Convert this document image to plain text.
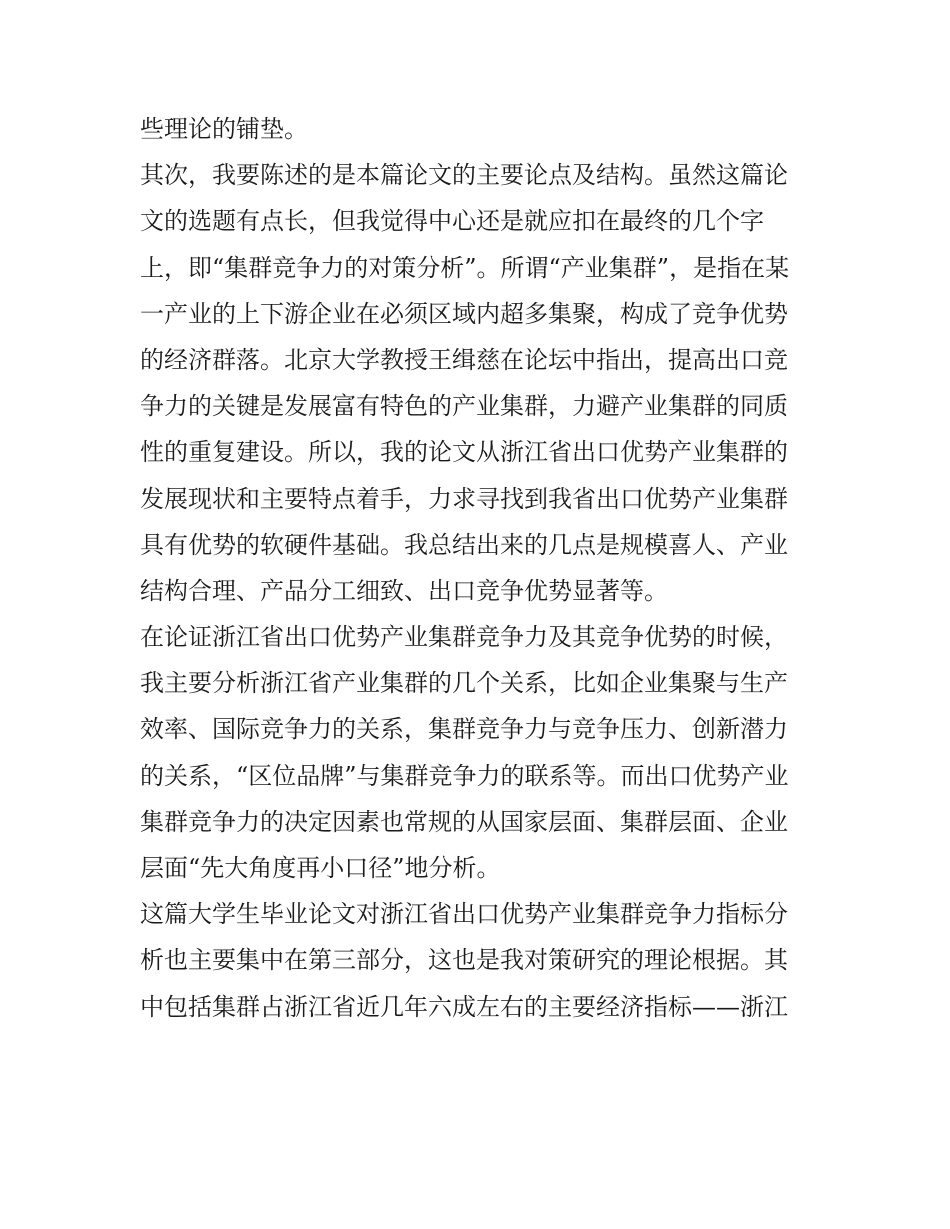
些理论的铺垫。
其次，我要陈述的是本篇论文的主要论点及结构。虽然这篇论
文的选题有点长，但我觉得中心还是就应扣在最终的几个字
上，即“集群竞争力的对策分析”。所谓“产业集群”，是指在某
一产业的上下游企业在必须区域内超多集聚，构成了竞争优势
的经济群落。北京大学教授王缉慈在论坛中指出，提高出口竞
争力的关键是发展富有特色的产业集群，力避产业集群的同质
性的重复建设。所以，我的论文从浙江省出口优势产业集群的
发展现状和主要特点着手，力求寻找到我省出口优势产业集群
具有优势的软硬件基础。我总结出来的几点是规模喜人、产业
结构合理、产品分工细致、出口竞争优势显著等。
在论证浙江省出口优势产业集群竞争力及其竞争优势的时候，
我主要分析浙江省产业集群的几个关系，比如企业集聚与生产
效率、国际竞争力的关系，集群竞争力与竞争压力、创新潜力
的关系，“区位品牌”与集群竞争力的联系等。而出口优势产业
集群竞争力的决定因素也常规的从国家层面、集群层面、企业
层面“先大角度再小口径”地分析。
这篇大学生毕业论文对浙江省出口优势产业集群竞争力指标分
析也主要集中在第三部分，这也是我对策研究的理论根据。其
中包括集群占浙江省近几年六成左右的主要经济指标——浙江
